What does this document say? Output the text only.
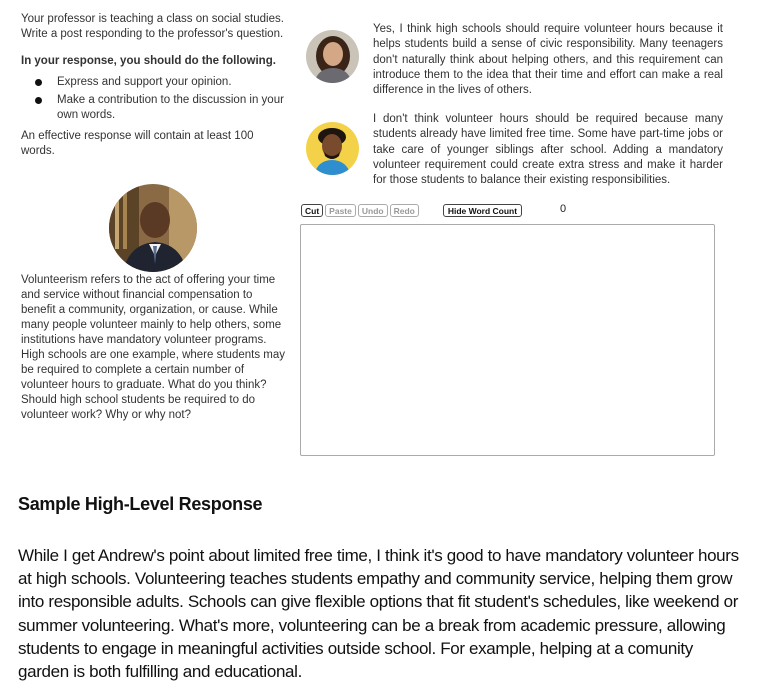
Your professor is teaching a class on social studies. Write a post responding to the professor's question.

In your response, you should do the following.

Express and support your opinion.
Make a contribution to the discussion in your own words.

An effective response will contain at least 100 words.

Volunteerism refers to the act of offering your time and service without financial compensation to benefit a community, organization, or cause. While many people volunteer mainly to help others, some institutions have mandatory volunteer programs. High schools are one example, where students may be required to complete a certain number of volunteer hours to graduate. What do you think? Should high school students be required to do volunteer work? Why or why not?
Yes, I think high schools should require volunteer hours because it helps students build a sense of civic responsibility. Many teenagers don't naturally think about helping others, and this requirement can introduce them to the idea that their time and effort can make a real difference in the lives of others.
I don't think volunteer hours should be required because many students already have limited free time. Some have part-time jobs or take care of younger siblings after school. Adding a mandatory volunteer requirement could create extra stress and make it harder for those students to balance their existing responsibilities.
Cut	Paste	Undo	Redo	Hide Word Count	0
Sample High-Level Response
While I get Andrew's point about limited free time, I think it's good to have mandatory volunteer hours at high schools. Volunteering teaches students empathy and community service, helping them grow into responsible adults. Schools can give flexible options that fit student's schedules, like weekend or summer volunteering. What's more, volunteering can be a break from academic pressure, allowing students to engage in meaningful activities outside school. For example, helping at a comunity garden is both fulfilling and educational.
